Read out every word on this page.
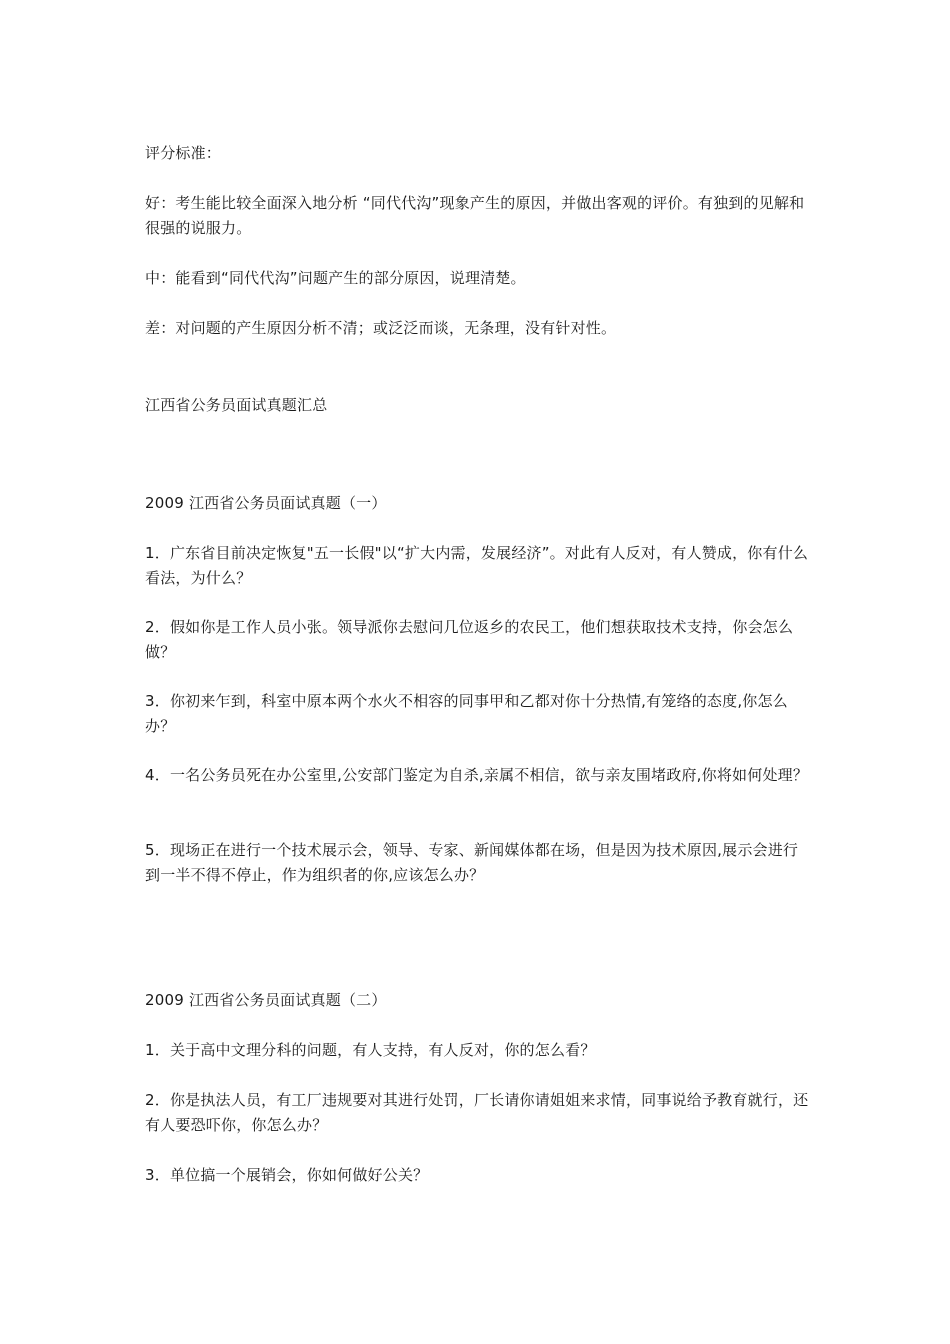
评分标准：

好：考生能比较全面深入地分析 “同代代沟”现象产生的原因，并做出客观的评价。有独到的见解和很强的说服力。

中：能看到“同代代沟”问题产生的部分原因，说理清楚。

差：对问题的产生原因分析不清；或泛泛而谈，无条理，没有针对性。

江西省公务员面试真题汇总

2009 江西省公务员面试真题（一）

1．广东省目前决定恢复"五一长假"以“扩大内需，发展经济”。对此有人反对，有人赞成，你有什么看法，为什么？

2．假如你是工作人员小张。领导派你去慰问几位返乡的农民工，他们想获取技术支持，你会怎么做？

3．你初来乍到，科室中原本两个水火不相容的同事甲和乙都对你十分热情,有笼络的态度,你怎么办？

4．一名公务员死在办公室里,公安部门鉴定为自杀,亲属不相信，欲与亲友围堵政府,你将如何处理？

5．现场正在进行一个技术展示会，领导、专家、新闻媒体都在场，但是因为技术原因,展示会进行到一半不得不停止，作为组织者的你,应该怎么办？

2009 江西省公务员面试真题（二）

1．关于高中文理分科的问题，有人支持，有人反对，你的怎么看？

2．你是执法人员，有工厂违规要对其进行处罚，厂长请你请姐姐来求情，同事说给予教育就行，还有人要恐吓你，你怎么办？

3．单位搞一个展销会，你如何做好公关？
